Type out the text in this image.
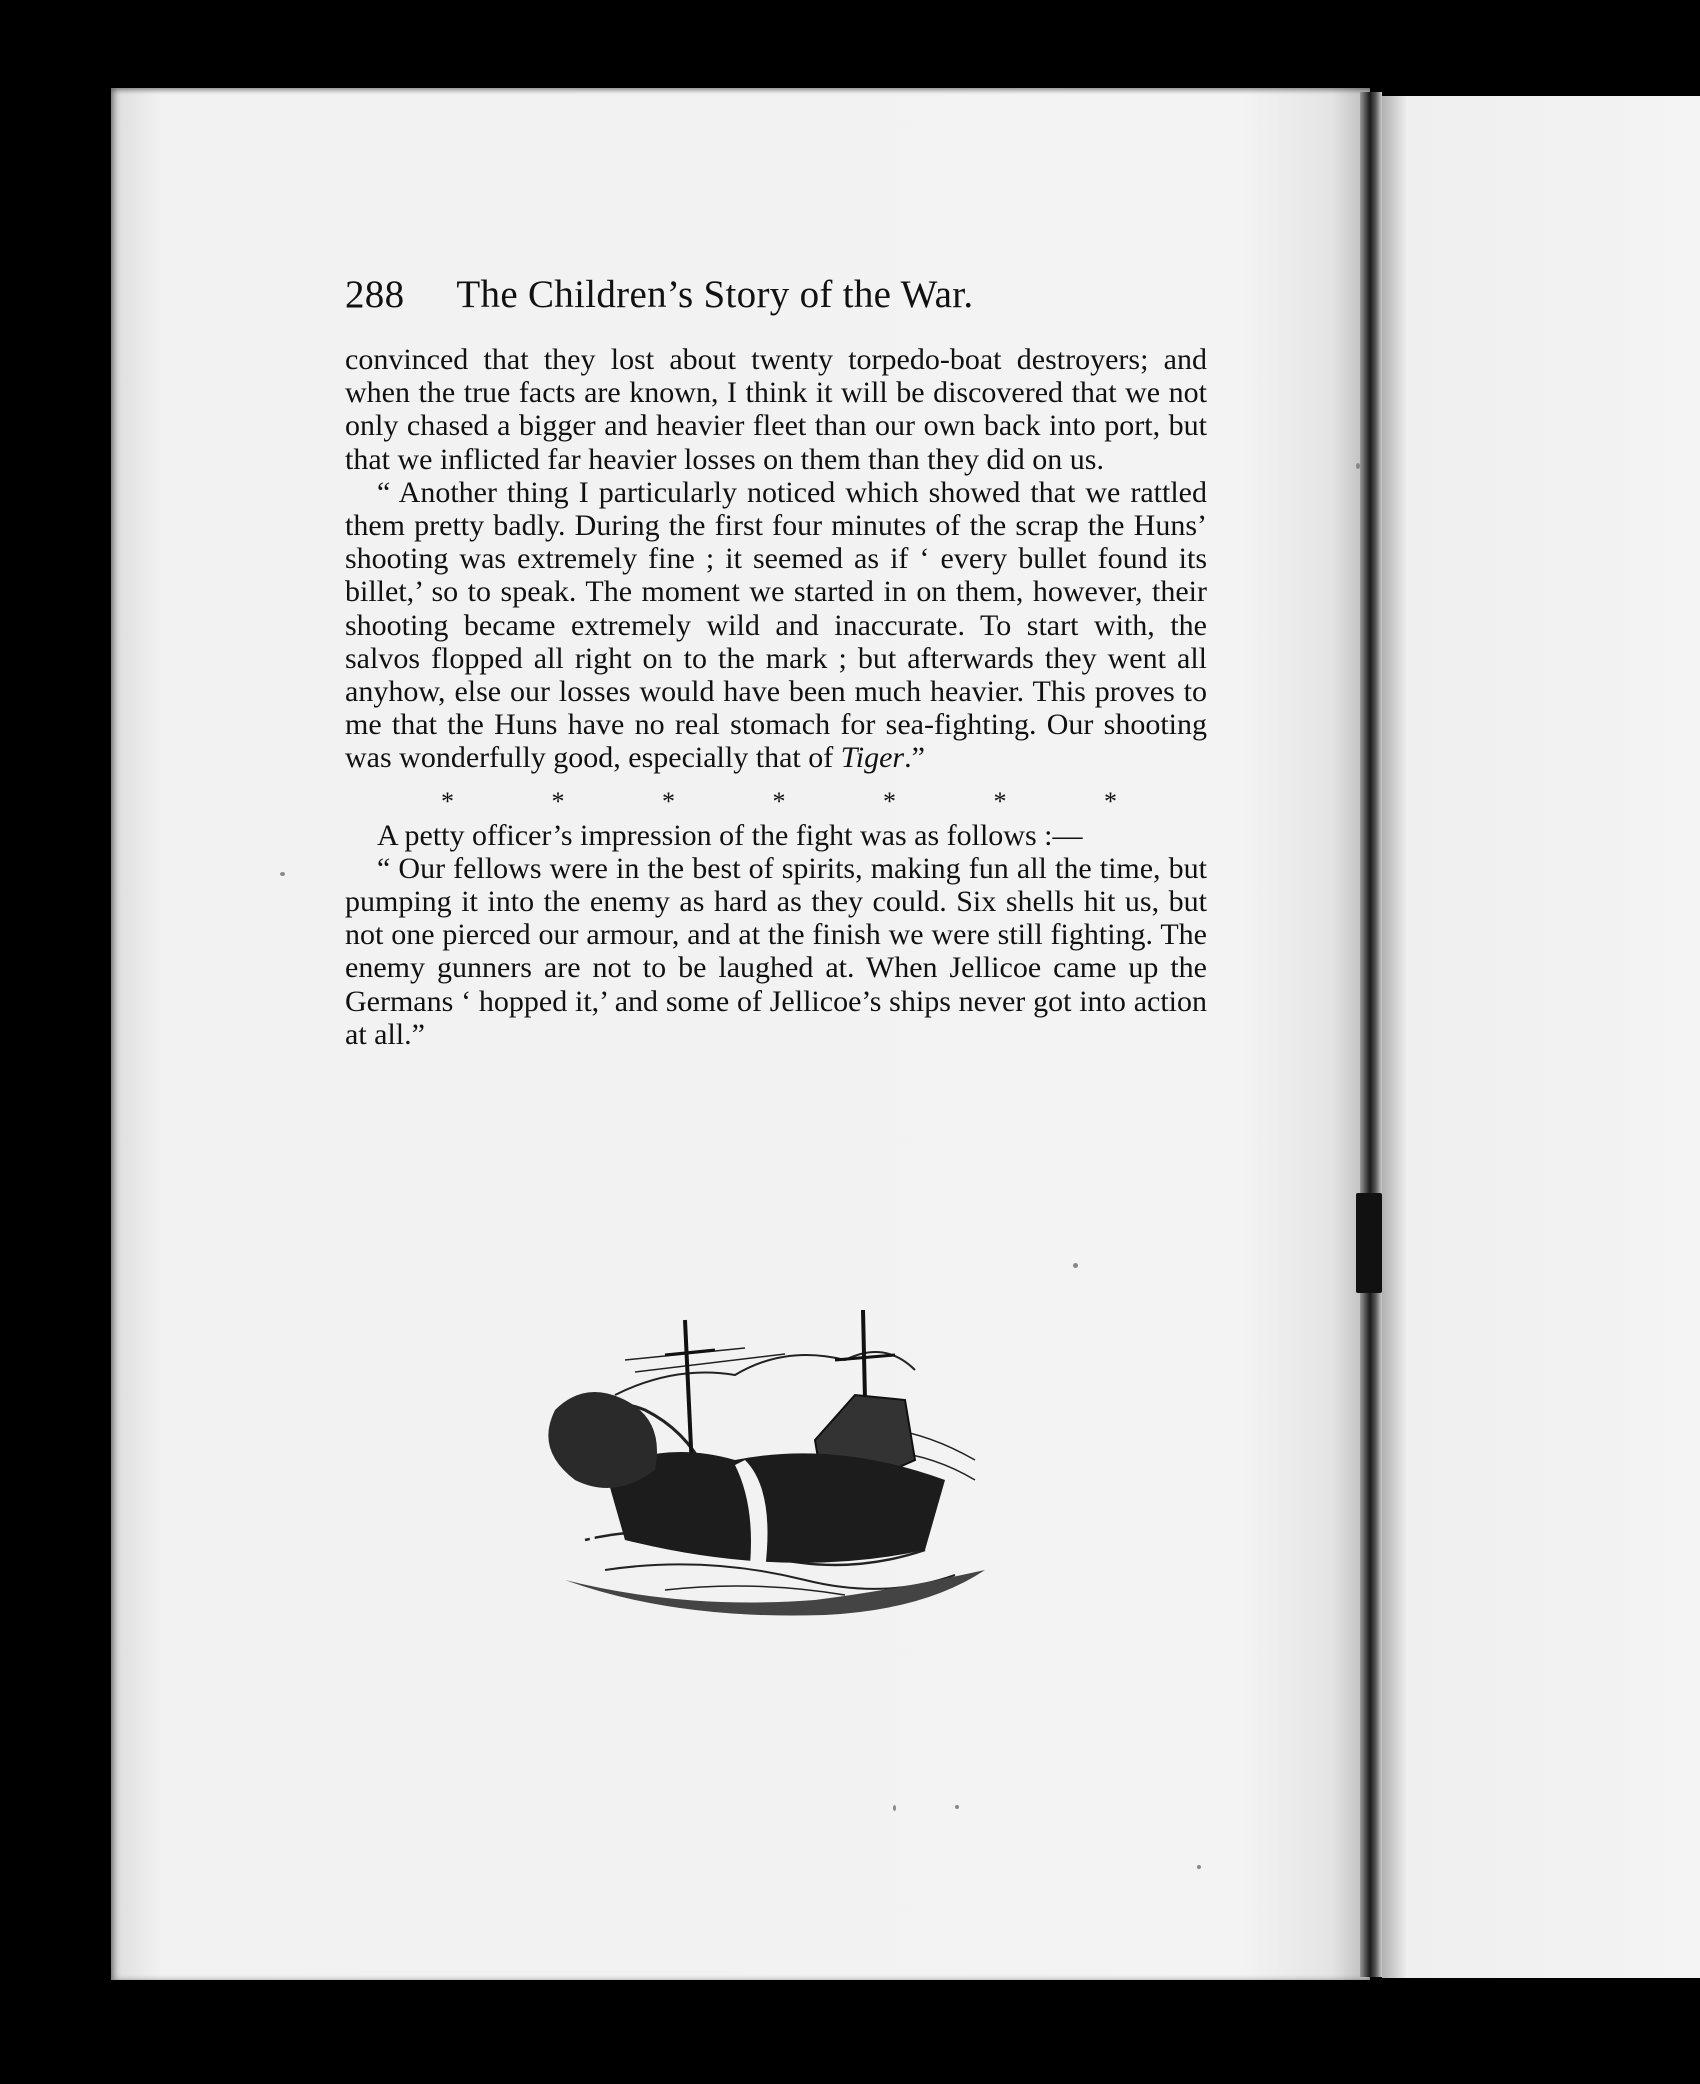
288 The Children’s Story of the War.

convinced that they lost about twenty torpedo-boat destroyers; and when the true facts are known, I think it will be discovered that we not only chased a bigger and heavier fleet than our own back into port, but that we inflicted far heavier losses on them than they did on us.

“ Another thing I particularly noticed which showed that we rattled them pretty badly. During the first four minutes of the scrap the Huns’ shooting was extremely fine ; it seemed as if ‘ every bullet found its billet,’ so to speak. The moment we started in on them, however, their shooting became extremely wild and inaccurate. To start with, the salvos flopped all right on to the mark ; but afterwards they went all anyhow, else our losses would have been much heavier. This proves to me that the Huns have no real stomach for sea-fighting. Our shooting was wonderfully good, especially that of Tiger.”

*	*	*	*	*	*	*

A petty officer’s impression of the fight was as follows :—

“ Our fellows were in the best of spirits, making fun all the time, but pumping it into the enemy as hard as they could. Six shells hit us, but not one pierced our armour, and at the finish we were still fighting. The enemy gunners are not to be laughed at. When Jellicoe came up the Germans ‘ hopped it,’ and some of Jellicoe’s ships never got into action at all.”
